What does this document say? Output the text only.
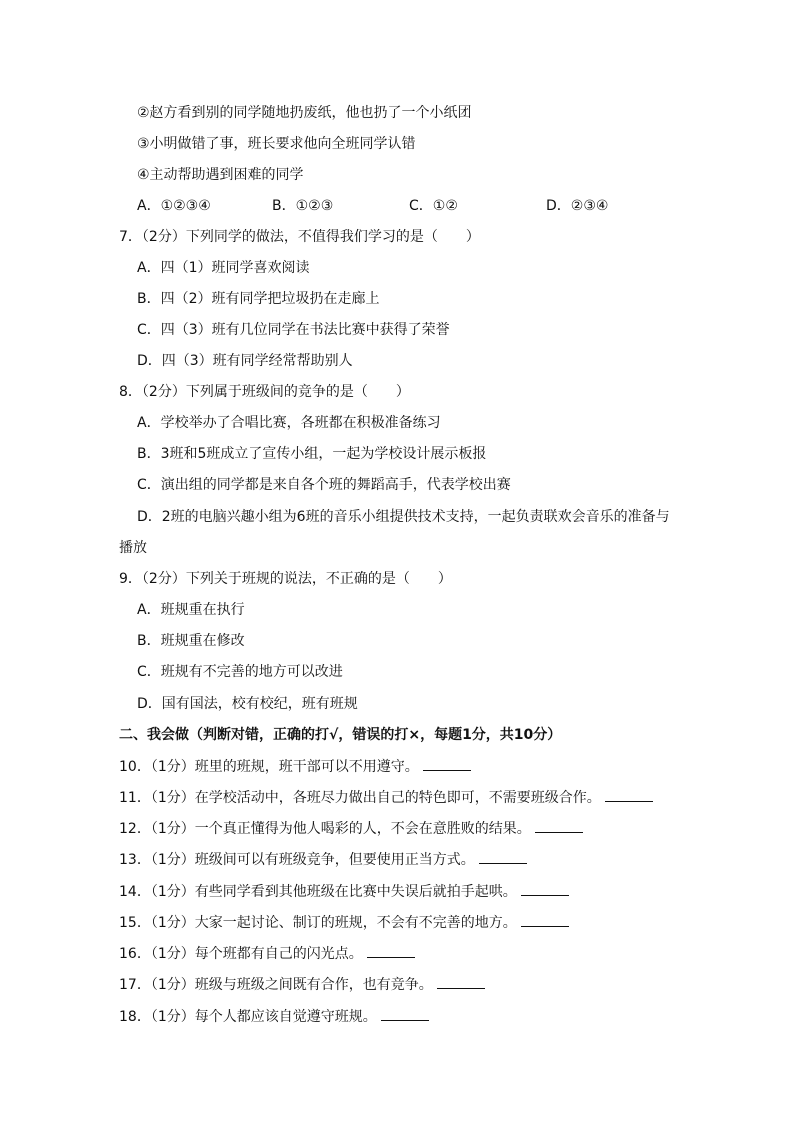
②赵方看到别的同学随地扔废纸，他也扔了一个小纸团
③小明做错了事，班长要求他向全班同学认错
④主动帮助遇到困难的同学
A．①②③④	B．①②③	C．①②	D．②③④
7．（2分）下列同学的做法，不值得我们学习的是（　　）
A．四（1）班同学喜欢阅读
B．四（2）班有同学把垃圾扔在走廊上
C．四（3）班有几位同学在书法比赛中获得了荣誉
D．四（3）班有同学经常帮助别人
8．（2分）下列属于班级间的竞争的是（　　）
A．学校举办了合唱比赛，各班都在积极准备练习
B．3班和5班成立了宣传小组，一起为学校设计展示板报
C．演出组的同学都是来自各个班的舞蹈高手，代表学校出赛
D．2班的电脑兴趣小组为6班的音乐小组提供技术支持，一起负责联欢会音乐的准备与
播放
9．（2分）下列关于班规的说法，不正确的是（　　）
A．班规重在执行
B．班规重在修改
C．班规有不完善的地方可以改进
D．国有国法，校有校纪，班有班规
二、我会做（判断对错，正确的打√，错误的打×，每题1分，共10分）
10．（1分）班里的班规，班干部可以不用遵守。
11．（1分）在学校活动中，各班尽力做出自己的特色即可，不需要班级合作。
12．（1分）一个真正懂得为他人喝彩的人，不会在意胜败的结果。
13．（1分）班级间可以有班级竞争，但要使用正当方式。
14．（1分）有些同学看到其他班级在比赛中失误后就拍手起哄。
15．（1分）大家一起讨论、制订的班规，不会有不完善的地方。
16．（1分）每个班都有自己的闪光点。
17．（1分）班级与班级之间既有合作，也有竞争。
18．（1分）每个人都应该自觉遵守班规。
